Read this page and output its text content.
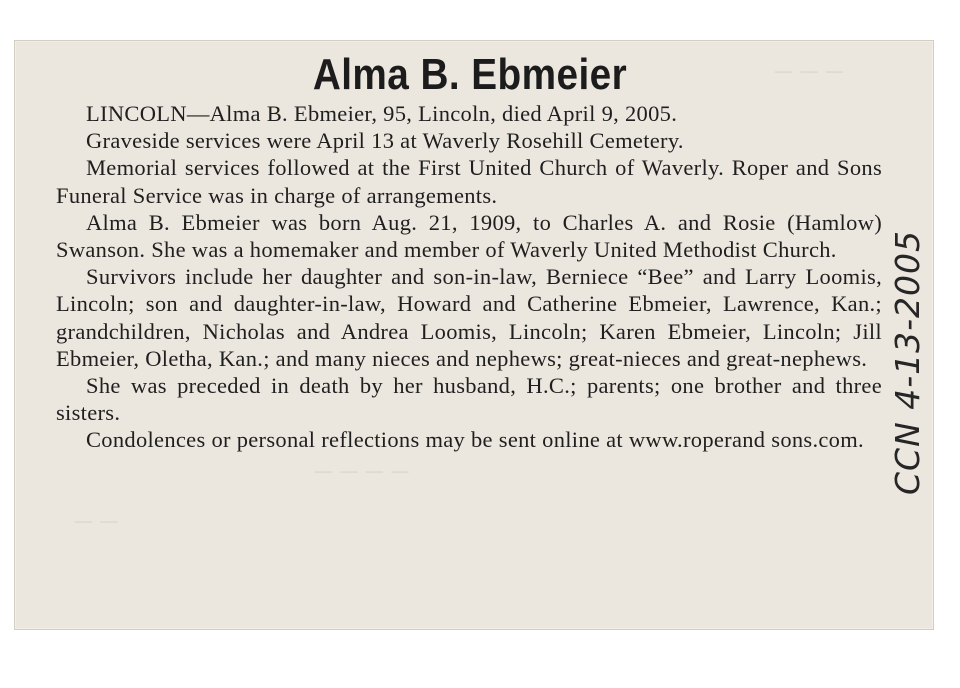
—  —  —
—  —  —  —
—  —
Alma B. Ebmeier

LINCOLN—Alma B. Ebmeier, 95, Lincoln, died April 9, 2005.

Graveside services were April 13 at Waverly Rosehill Cemetery.

Memorial services followed at the First United Church of Waverly. Roper and Sons Funeral Service was in charge of arrangements.

Alma B. Ebmeier was born Aug. 21, 1909, to Charles A. and Rosie (Hamlow) Swanson. She was a homemaker and member of Waverly United Methodist Church.

Survivors include her daughter and son-in-law, Berniece “Bee” and Larry Loomis, Lincoln; son and daughter-in-law, Howard and Catherine Ebmeier, Lawrence, Kan.; grandchildren, Nicholas and Andrea Loomis, Lincoln; Karen Ebmeier, Lincoln; Jill Ebmeier, Oletha, Kan.; and many nieces and nephews; great-nieces and great-nephews.

She was preceded in death by her husband, H.C.; parents; one brother and three sisters.

Condolences or personal reflections may be sent online at www.roperand sons.com. CCN 4-13-2005
